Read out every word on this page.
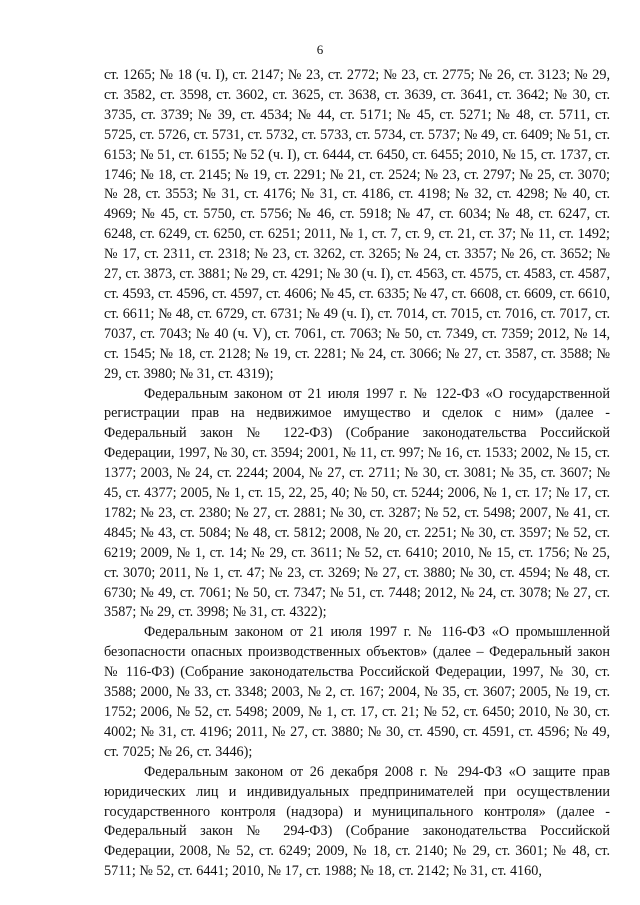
6

ст. 1265; № 18 (ч. I), ст. 2147; № 23, ст. 2772; № 23, ст. 2775; № 26, ст. 3123; № 29, ст. 3582, ст. 3598, ст. 3602, ст. 3625, ст. 3638, ст. 3639, ст. 3641, ст. 3642; № 30, ст. 3735, ст. 3739; № 39, ст. 4534; № 44, ст. 5171; № 45, ст. 5271; № 48, ст. 5711, ст. 5725, ст. 5726, ст. 5731, ст. 5732, ст. 5733, ст. 5734, ст. 5737; № 49, ст. 6409; № 51, ст. 6153; № 51, ст. 6155; № 52 (ч. I), ст. 6444, ст. 6450, ст. 6455; 2010, № 15, ст. 1737, ст. 1746; № 18, ст. 2145; № 19, ст. 2291; № 21, ст. 2524; № 23, ст. 2797; № 25, ст. 3070; № 28, ст. 3553; № 31, ст. 4176; № 31, ст. 4186, ст. 4198; № 32, ст. 4298; № 40, ст. 4969; № 45, ст. 5750, ст. 5756; № 46, ст. 5918; № 47, ст. 6034; № 48, ст. 6247, ст. 6248, ст. 6249, ст. 6250, ст. 6251; 2011, № 1, ст. 7, ст. 9, ст. 21, ст. 37; № 11, ст. 1492; № 17, ст. 2311, ст. 2318; № 23, ст. 3262, ст. 3265; № 24, ст. 3357; № 26, ст. 3652; № 27, ст. 3873, ст. 3881; № 29, ст. 4291; № 30 (ч. I), ст. 4563, ст. 4575, ст. 4583, ст. 4587, ст. 4593, ст. 4596, ст. 4597, ст. 4606; № 45, ст. 6335; № 47, ст. 6608, ст. 6609, ст. 6610, ст. 6611; № 48, ст. 6729, ст. 6731; № 49 (ч. I), ст. 7014, ст. 7015, ст. 7016, ст. 7017, ст. 7037, ст. 7043; № 40 (ч. V), ст. 7061, ст. 7063; № 50, ст. 7349, ст. 7359; 2012, № 14, ст. 1545; № 18, ст. 2128; № 19, ст. 2281; № 24, ст. 3066; № 27, ст. 3587, ст. 3588; № 29, ст. 3980; № 31, ст. 4319);

Федеральным законом от 21 июля 1997 г. № 122-ФЗ «О государственной регистрации прав на недвижимое имущество и сделок с ним» (далее - Федеральный закон № 122-ФЗ) (Собрание законодательства Российской Федерации, 1997, № 30, ст. 3594; 2001, № 11, ст. 997; № 16, ст. 1533; 2002, № 15, ст. 1377; 2003, № 24, ст. 2244; 2004, № 27, ст. 2711; № 30, ст. 3081; № 35, ст. 3607; № 45, ст. 4377; 2005, № 1, ст. 15, 22, 25, 40; № 50, ст. 5244; 2006, № 1, ст. 17; № 17, ст. 1782; № 23, ст. 2380; № 27, ст. 2881; № 30, ст. 3287; № 52, ст. 5498; 2007, № 41, ст. 4845; № 43, ст. 5084; № 48, ст. 5812; 2008, № 20, ст. 2251; № 30, ст. 3597; № 52, ст. 6219; 2009, № 1, ст. 14; № 29, ст. 3611; № 52, ст. 6410; 2010, № 15, ст. 1756; № 25, ст. 3070; 2011, № 1, ст. 47; № 23, ст. 3269; № 27, ст. 3880; № 30, ст. 4594; № 48, ст. 6730; № 49, ст. 7061; № 50, ст. 7347; № 51, ст. 7448; 2012, № 24, ст. 3078; № 27, ст. 3587; № 29, ст. 3998; № 31, ст. 4322);

Федеральным законом от 21 июля 1997 г. № 116-ФЗ «О промышленной безопасности опасных производственных объектов» (далее – Федеральный закон № 116-ФЗ) (Собрание законодательства Российской Федерации, 1997, № 30, ст. 3588; 2000, № 33, ст. 3348; 2003, № 2, ст. 167; 2004, № 35, ст. 3607; 2005, № 19, ст. 1752; 2006, № 52, ст. 5498; 2009, № 1, ст. 17, ст. 21; № 52, ст. 6450; 2010, № 30, ст. 4002; № 31, ст. 4196; 2011, № 27, ст. 3880; № 30, ст. 4590, ст. 4591, ст. 4596; № 49, ст. 7025; № 26, ст. 3446);

Федеральным законом от 26 декабря 2008 г. № 294-ФЗ «О защите прав юридических лиц и индивидуальных предпринимателей при осуществлении государственного контроля (надзора) и муниципального контроля» (далее - Федеральный закон № 294-ФЗ) (Собрание законодательства Российской Федерации, 2008, № 52, ст. 6249; 2009, № 18, ст. 2140; № 29, ст. 3601; № 48, ст. 5711; № 52, ст. 6441; 2010, № 17, ст. 1988; № 18, ст. 2142; № 31, ст. 4160,
